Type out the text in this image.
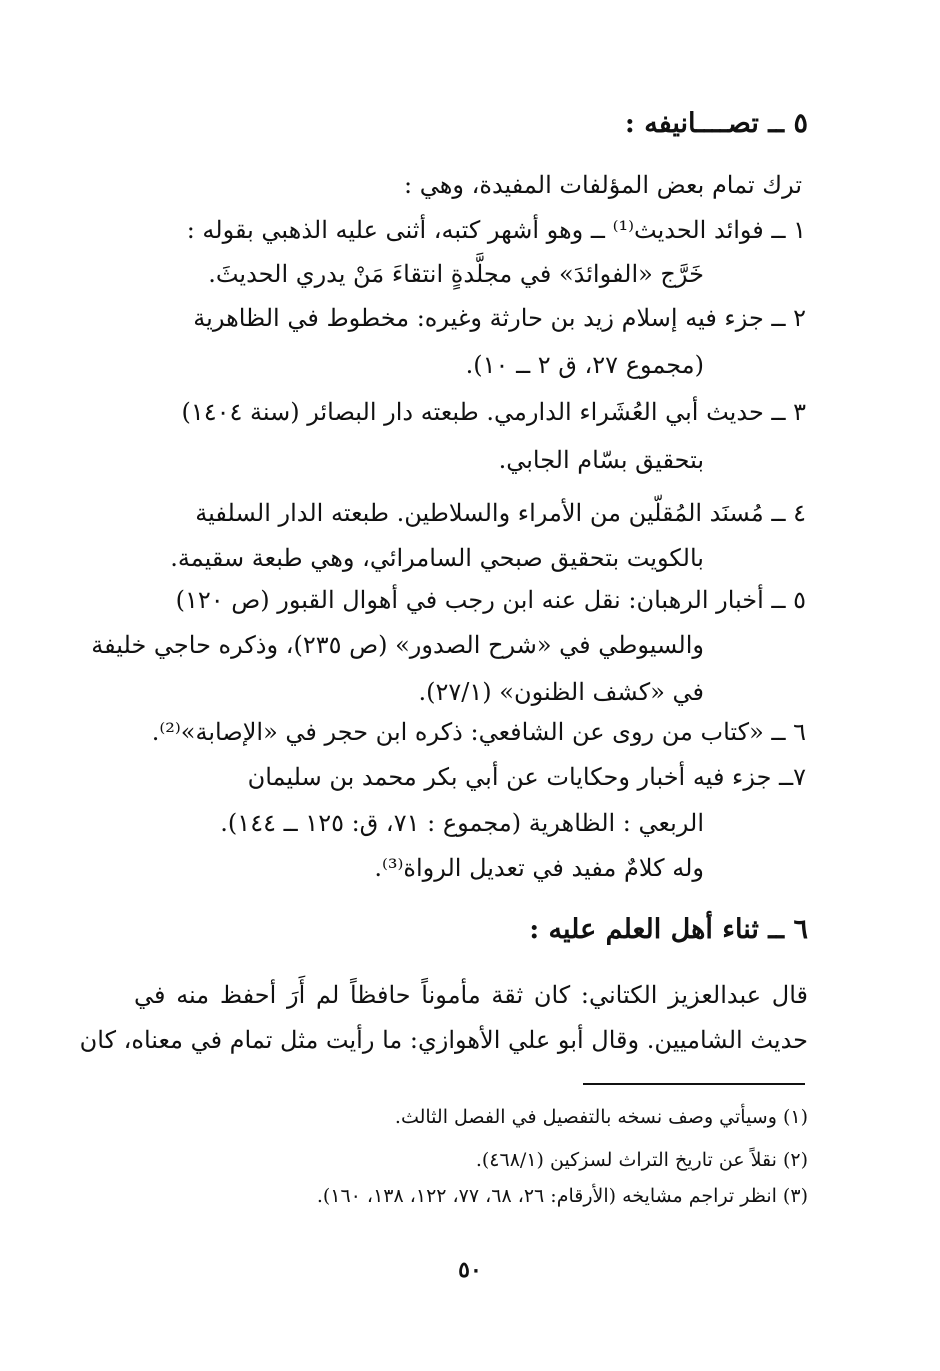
٥ ــ تصــــانيفه :
ترك تمام بعض المؤلفات المفيدة، وهي :
١ ــ فوائد الحديث⁽¹⁾ ــ وهو أشهر كتبه، أثنى عليه الذهبي بقوله :
خَرَّج «الفوائدَ» في مجلَّدةٍ انتقاءَ مَنْ يدري الحديثَ.
٢ ــ جزء فيه إسلام زيد بن حارثة وغيره: مخطوط في الظاهرية
(مجموع ٢٧، ق ٢ ــ ١٠).
٣ ــ حديث أبي العُشَراء الدارمي. طبعته دار البصائر (سنة ١٤٠٤)
بتحقيق بسّام الجابي.
٤ ــ مُسنَد المُقلّين من الأمراء والسلاطين. طبعته الدار السلفية
بالكويت بتحقيق صبحي السامرائي، وهي طبعة سقيمة.
٥ ــ أخبار الرهبان: نقل عنه ابن رجب في أهوال القبور (ص ١٢٠)
والسيوطي في «شرح الصدور» (ص ٢٣٥)، وذكره حاجي خليفة
في «كشف الظنون» (٢٧/١).
٦ ــ «كتاب من روى عن الشافعي: ذكره ابن حجر في «الإصابة»⁽²⁾.
٧ــ جزء فيه أخبار وحكايات عن أبي بكر محمد بن سليمان
الربعي : الظاهرية (مجموع : ٧١، ق: ١٢٥ ــ ١٤٤).
وله كلامٌ مفيد في تعديل الرواة⁽³⁾.
٦ ــ ثناء أهل العلم عليه :
قال عبدالعزيز الكتاني: كان ثقة مأموناً حافظاً لم أَرَ أحفظ منه في
حديث الشاميين. وقال أبو علي الأهوازي: ما رأيت مثل تمام في معناه، كان
(١) وسيأتي وصف نسخه بالتفصيل في الفصل الثالث.
(٢) نقلاً عن تاريخ التراث لسزكين (٤٦٨/١).
(٣) انظر تراجم مشايخه (الأرقام: ٢٦، ٦٨، ٧٧، ١٢٢، ١٣٨، ١٦٠).
٥٠
